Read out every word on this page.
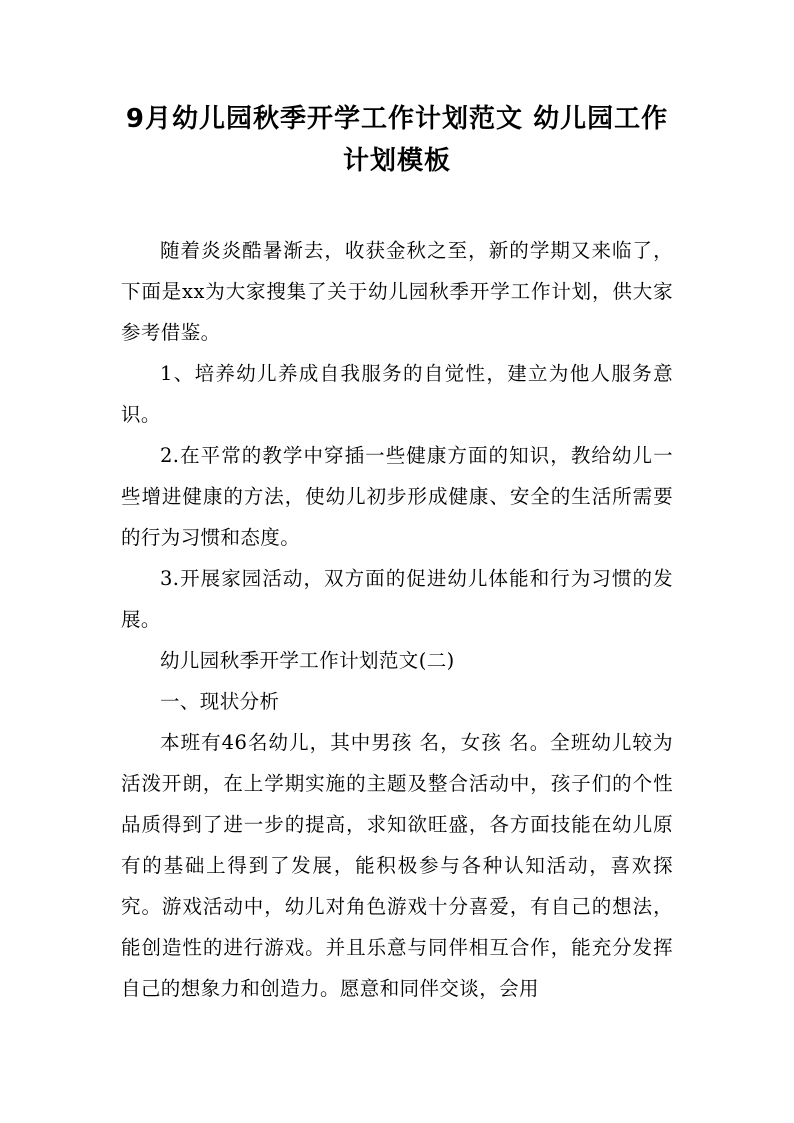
9月幼儿园秋季开学工作计划范文 幼儿园工作计划模板

随着炎炎酷暑渐去，收获金秋之至，新的学期又来临了，下面是xx为大家搜集了关于幼儿园秋季开学工作计划，供大家参考借鉴。

1、培养幼儿养成自我服务的自觉性，建立为他人服务意识。

2.在平常的教学中穿插一些健康方面的知识，教给幼儿一些增进健康的方法，使幼儿初步形成健康、安全的生活所需要的行为习惯和态度。

3.开展家园活动，双方面的促进幼儿体能和行为习惯的发展。

幼儿园秋季开学工作计划范文(二)

一、现状分析

本班有46名幼儿，其中男孩 名，女孩 名。全班幼儿较为活泼开朗，在上学期实施的主题及整合活动中，孩子们的个性品质得到了进一步的提高，求知欲旺盛，各方面技能在幼儿原有的基础上得到了发展，能积极参与各种认知活动，喜欢探究。游戏活动中，幼儿对角色游戏十分喜爱，有自己的想法，能创造性的进行游戏。并且乐意与同伴相互合作，能充分发挥自己的想象力和创造力。愿意和同伴交谈，会用
